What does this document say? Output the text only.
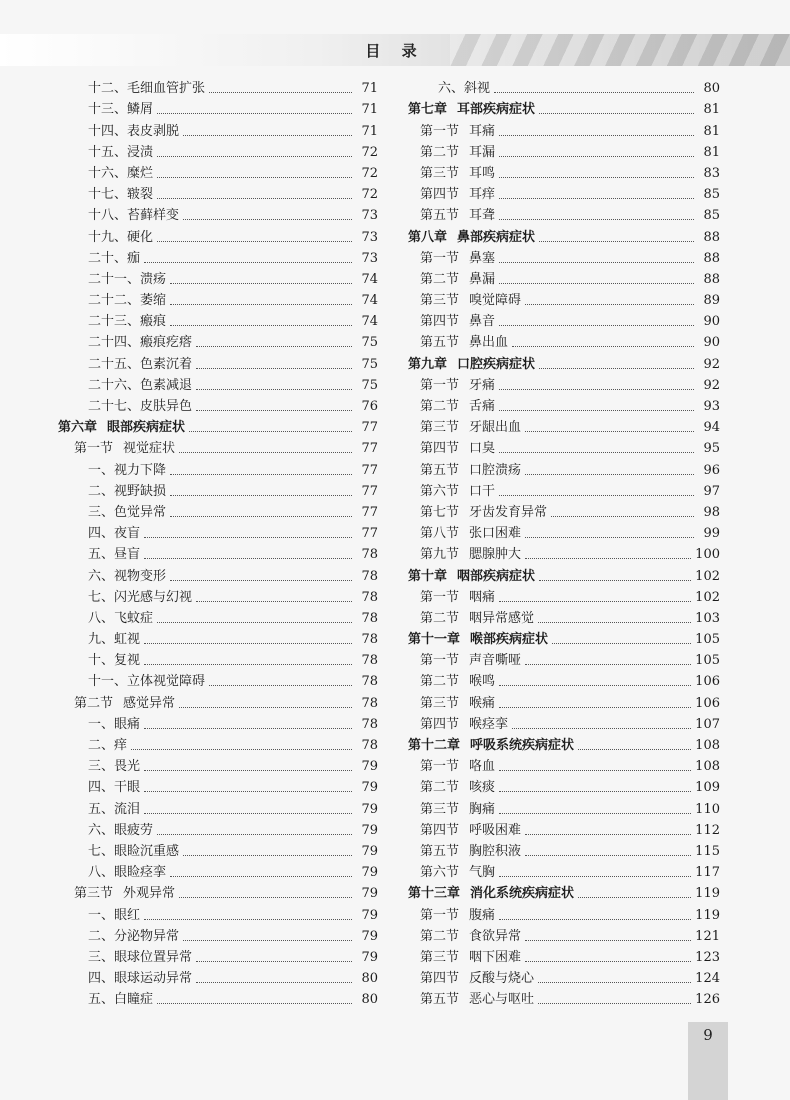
目 录
十二、毛细血管扩张	71
十三、鳞屑	71
十四、表皮剥脱	71
十五、浸渍	72
十六、糜烂	72
十七、皲裂	72
十八、苔藓样变	73
十九、硬化	73
二十、痂	73
二十一、溃疡	74
二十二、萎缩	74
二十三、瘢痕	74
二十四、瘢痕疙瘩	75
二十五、色素沉着	75
二十六、色素减退	75
二十七、皮肤异色	76
第六章 眼部疾病症状	77
第一节 视觉症状	77
一、视力下降	77
二、视野缺损	77
三、色觉异常	77
四、夜盲	77
五、昼盲	78
六、视物变形	78
七、闪光感与幻视	78
八、飞蚊症	78
九、虹视	78
十、复视	78
十一、立体视觉障碍	78
第二节 感觉异常	78
一、眼痛	78
二、痒	78
三、畏光	79
四、干眼	79
五、流泪	79
六、眼疲劳	79
七、眼睑沉重感	79
八、眼睑痉挛	79
第三节 外观异常	79
一、眼红	79
二、分泌物异常	79
三、眼球位置异常	79
四、眼球运动异常	80
五、白瞳症	80
六、斜视	80
第七章 耳部疾病症状	81
第一节 耳痛	81
第二节 耳漏	81
第三节 耳鸣	83
第四节 耳痒	85
第五节 耳聋	85
第八章 鼻部疾病症状	88
第一节 鼻塞	88
第二节 鼻漏	88
第三节 嗅觉障碍	89
第四节 鼻音	90
第五节 鼻出血	90
第九章 口腔疾病症状	92
第一节 牙痛	92
第二节 舌痛	93
第三节 牙龈出血	94
第四节 口臭	95
第五节 口腔溃疡	96
第六节 口干	97
第七节 牙齿发育异常	98
第八节 张口困难	99
第九节 腮腺肿大	100
第十章 咽部疾病症状	102
第一节 咽痛	102
第二节 咽异常感觉	103
第十一章 喉部疾病症状	105
第一节 声音嘶哑	105
第二节 喉鸣	106
第三节 喉痛	106
第四节 喉痉挛	107
第十二章 呼吸系统疾病症状	108
第一节 咯血	108
第二节 咳痰	109
第三节 胸痛	110
第四节 呼吸困难	112
第五节 胸腔积液	115
第六节 气胸	117
第十三章 消化系统疾病症状	119
第一节 腹痛	119
第二节 食欲异常	121
第三节 咽下困难	123
第四节 反酸与烧心	124
第五节 恶心与呕吐	126
9
